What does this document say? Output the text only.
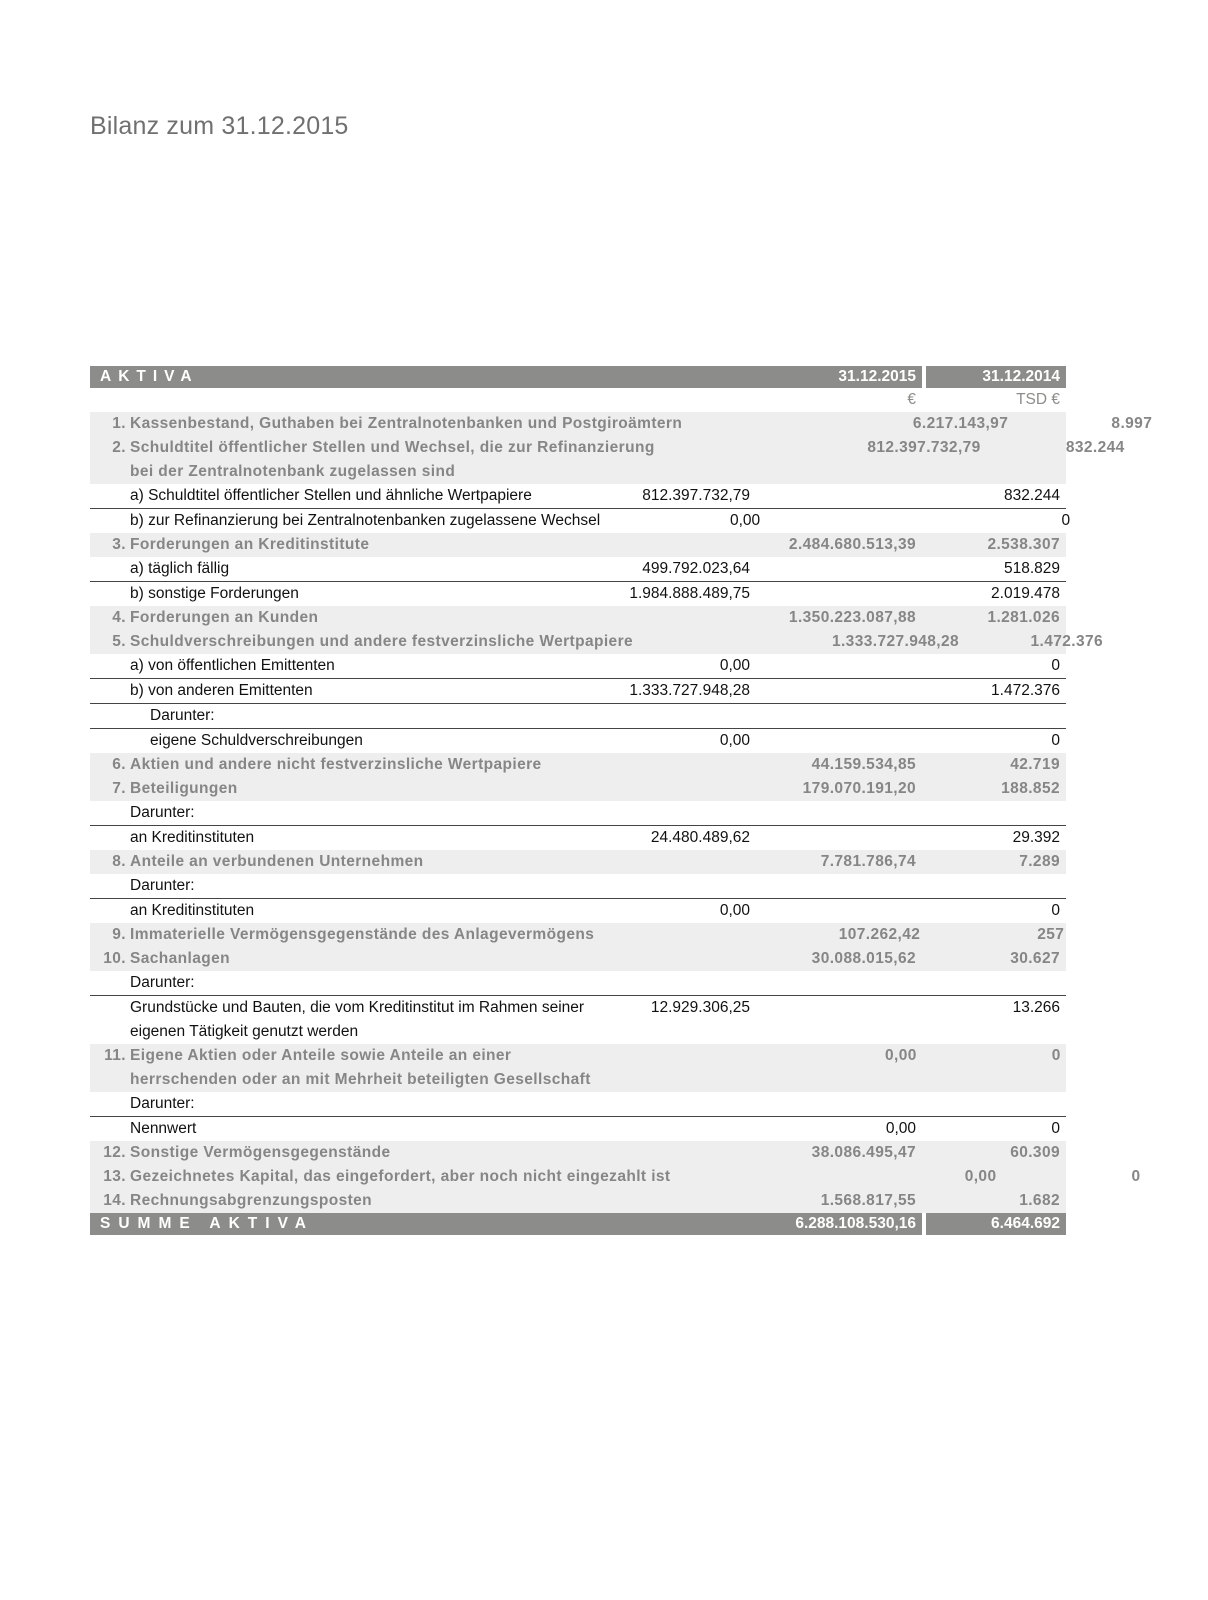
Bilanz zum 31.12.2015
AKTIVA	31.12.2015	31.12.2014
€	TSD €
1. Kassenbestand, Guthaben bei Zentralnotenbanken und Postgiroämtern	6.217.143,97	8.997
2. Schuldtitel öffentlicher Stellen und Wechsel, die zur Refinanzierung
bei der Zentralnotenbank zugelassen sind
812.397.732,79	832.244
a) Schuldtitel öffentlicher Stellen und ähnliche Wertpapiere	812.397.732,79	832.244
b) zur Refinanzierung bei Zentralnotenbanken zugelassene Wechsel	0,00	0
3. Forderungen an Kreditinstitute	2.484.680.513,39	2.538.307
a) täglich fällig	499.792.023,64	518.829
b) sonstige Forderungen	1.984.888.489,75	2.019.478
4. Forderungen an Kunden	1.350.223.087,88	1.281.026
5. Schuldverschreibungen und andere festverzinsliche Wertpapiere	1.333.727.948,28	1.472.376
a) von öffentlichen Emittenten	0,00	0
b) von anderen Emittenten	1.333.727.948,28	1.472.376
Darunter:
eigene Schuldverschreibungen	0,00	0
6. Aktien und andere nicht festverzinsliche Wertpapiere	44.159.534,85	42.719
7. Beteiligungen	179.070.191,20	188.852
Darunter:
an Kreditinstituten	24.480.489,62	29.392
8. Anteile an verbundenen Unternehmen	7.781.786,74	7.289
Darunter:
an Kreditinstituten	0,00	0
9. Immaterielle Vermögensgegenstände des Anlagevermögens	107.262,42	257
10. Sachanlagen	30.088.015,62	30.627
Darunter:
Grundstücke und Bauten, die vom Kreditinstitut im Rahmen seiner
eigenen Tätigkeit genutzt werden
12.929.306,25	13.266
11. Eigene Aktien oder Anteile sowie Anteile an einer
herrschenden oder an mit Mehrheit beteiligten Gesellschaft
0,00	0
Darunter:
Nennwert	0,00	0
12. Sonstige Vermögensgegenstände	38.086.495,47	60.309
13. Gezeichnetes Kapital, das eingefordert, aber noch nicht eingezahlt ist	0,00	0
14. Rechnungsabgrenzungsposten	1.568.817,55	1.682
SUMME AKTIVA	6.288.108.530,16	6.464.692
